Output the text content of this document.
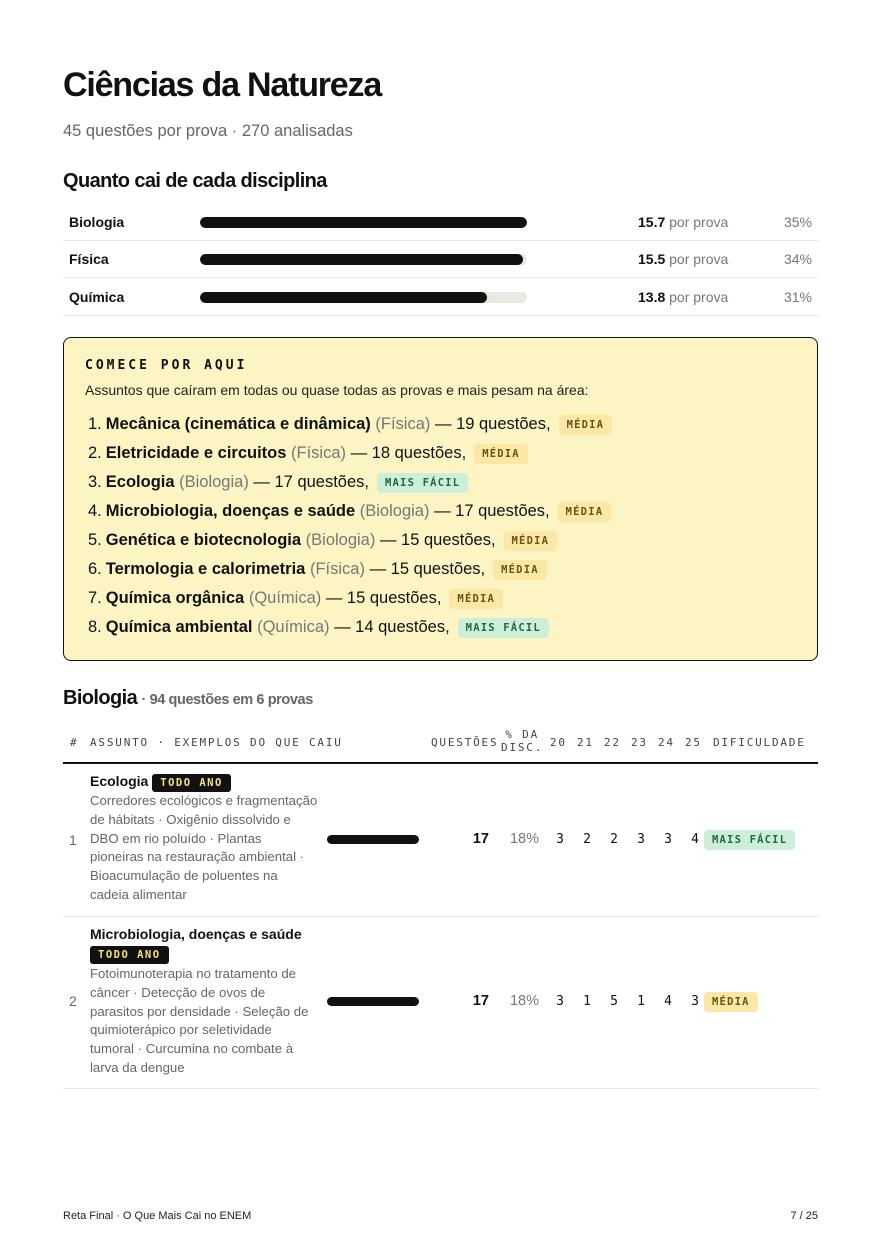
Ciências da Natureza
45 questões por prova · 270 analisadas
Quanto cai de cada disciplina
Biologia	15.7 por prova	35%
Física	15.5 por prova	34%
Química	13.8 por prova	31%
COMECE POR AQUI
Assuntos que caíram em todas ou quase todas as provas e mais pesam na área:
1. Mecânica (cinemática e dinâmica)
(Física)
— 19 questões,	MÉDIA
2. Eletricidade e circuitos
(Física)
— 18 questões,	MÉDIA
3. Ecologia
(Biologia)
— 17 questões,	MAIS FÁCIL
4. Microbiologia, doenças e saúde
(Biologia)
— 17 questões,	MÉDIA
5. Genética e biotecnologia
(Biologia)
— 15 questões,	MÉDIA
6. Termologia e calorimetria
(Física)
— 15 questões,	MÉDIA
7. Química orgânica
(Química)
— 15 questões,	MÉDIA
8. Química ambiental
(Química)
— 14 questões,	MAIS FÁCIL
Biologia · 94 questões em 6 provas
# ASSUNTO · EXEMPLOS DO QUE CAIU	QUESTÕES
% DA
DISC. 20 21 22 23 24 25 DIFICULDADE
1
Ecologia TODO ANO
Corredores ecológicos e fragmentação de hábitats · Oxigênio dissolvido e DBO em rio poluído · Plantas pioneiras na restauração ambiental · Bioacumulação de poluentes na cadeia alimentar
17	18%	3	2	2	3	3	4	MAIS FÁCIL
2
Microbiologia, doenças e saúde
TODO ANO
Fotoimunoterapia no tratamento de câncer · Detecção de ovos de parasitos por densidade · Seleção de quimioterápico por seletividade tumoral · Curcumina no combate à larva da dengue
17	18%	3	1	5	1	4	3	MÉDIA
Reta Final · O Que Mais Cai no ENEM	7 / 25
